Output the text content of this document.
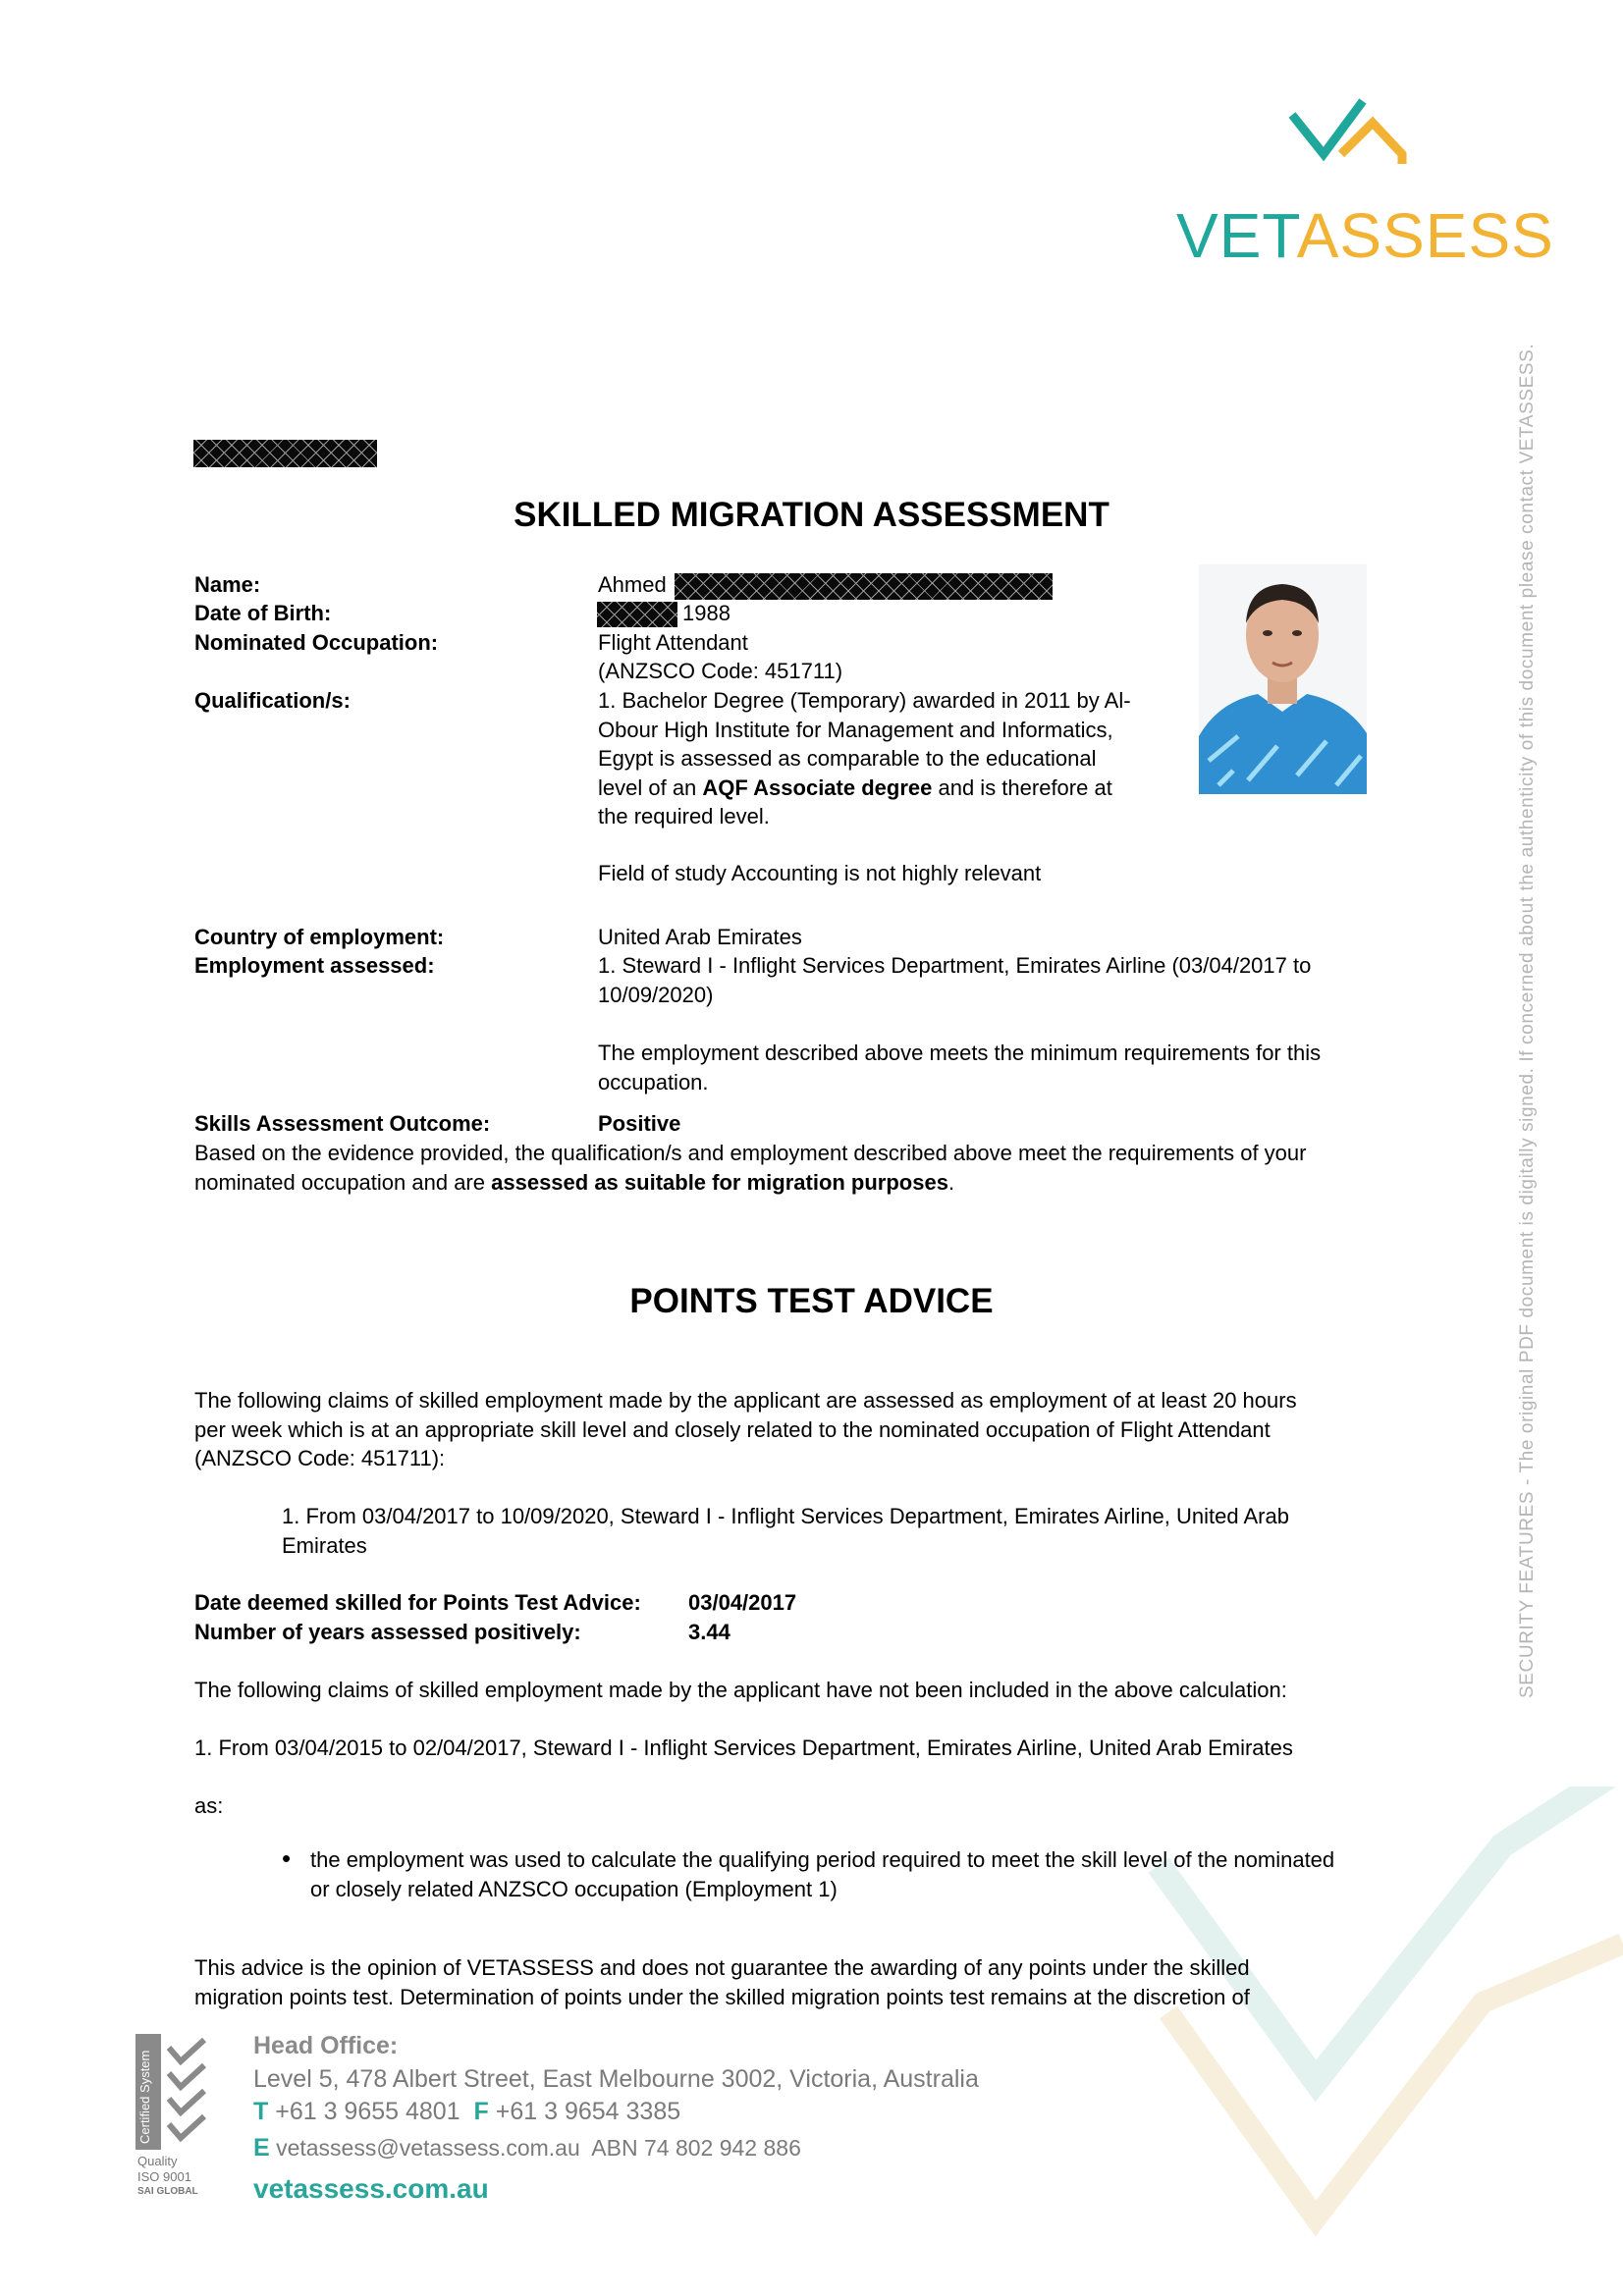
VETASSESS
SECURITY FEATURES - The original PDF document is digitally signed. If concerned about the authenticity of this document please contact VETASSESS.
SKILLED MIGRATION ASSESSMENT
Name:
Date of Birth:
Nominated Occupation:
Qualification/s:
Country of employment:
Employment assessed:
Skills Assessment Outcome:
Ahmed
1988
Flight Attendant
(ANZSCO Code: 451711)
1. Bachelor Degree (Temporary) awarded in 2011 by Al-
Obour High Institute for Management and Informatics,
Egypt is assessed as comparable to the educational
level of an AQF Associate degree and is therefore at
the required level.
Field of study Accounting is not highly relevant
United Arab Emirates
1. Steward I - Inflight Services Department, Emirates Airline (03/04/2017 to
10/09/2020)
The employment described above meets the minimum requirements for this
occupation.
Positive
Based on the evidence provided, the qualification/s and employment described above meet the requirements of your
nominated occupation and are assessed as suitable for migration purposes.
POINTS TEST ADVICE
The following claims of skilled employment made by the applicant are assessed as employment of at least 20 hours
per week which is at an appropriate skill level and closely related to the nominated occupation of Flight Attendant
(ANZSCO Code: 451711):
1. From 03/04/2017 to 10/09/2020, Steward I - Inflight Services Department, Emirates Airline, United Arab
Emirates
Date deemed skilled for Points Test Advice: 03/04/2017
Number of years assessed positively:	3.44
The following claims of skilled employment made by the applicant have not been included in the above calculation:
1. From 03/04/2015 to 02/04/2017, Steward I - Inflight Services Department, Emirates Airline, United Arab Emirates
as:
• the employment was used to calculate the qualifying period required to meet the skill level of the nominated
or closely related ANZSCO occupation (Employment 1)
This advice is the opinion of VETASSESS and does not guarantee the awarding of any points under the skilled
migration points test. Determination of points under the skilled migration points test remains at the discretion of
Certified System
Quality
ISO 9001
SAI GLOBAL
Head Office:
Level 5, 478 Albert Street, East Melbourne 3002, Victoria, Australia
T +61 3 9655 4801 F +61 3 9654 3385
E vetassess@vetassess.com.au ABN 74 802 942 886
vetassess.com.au
